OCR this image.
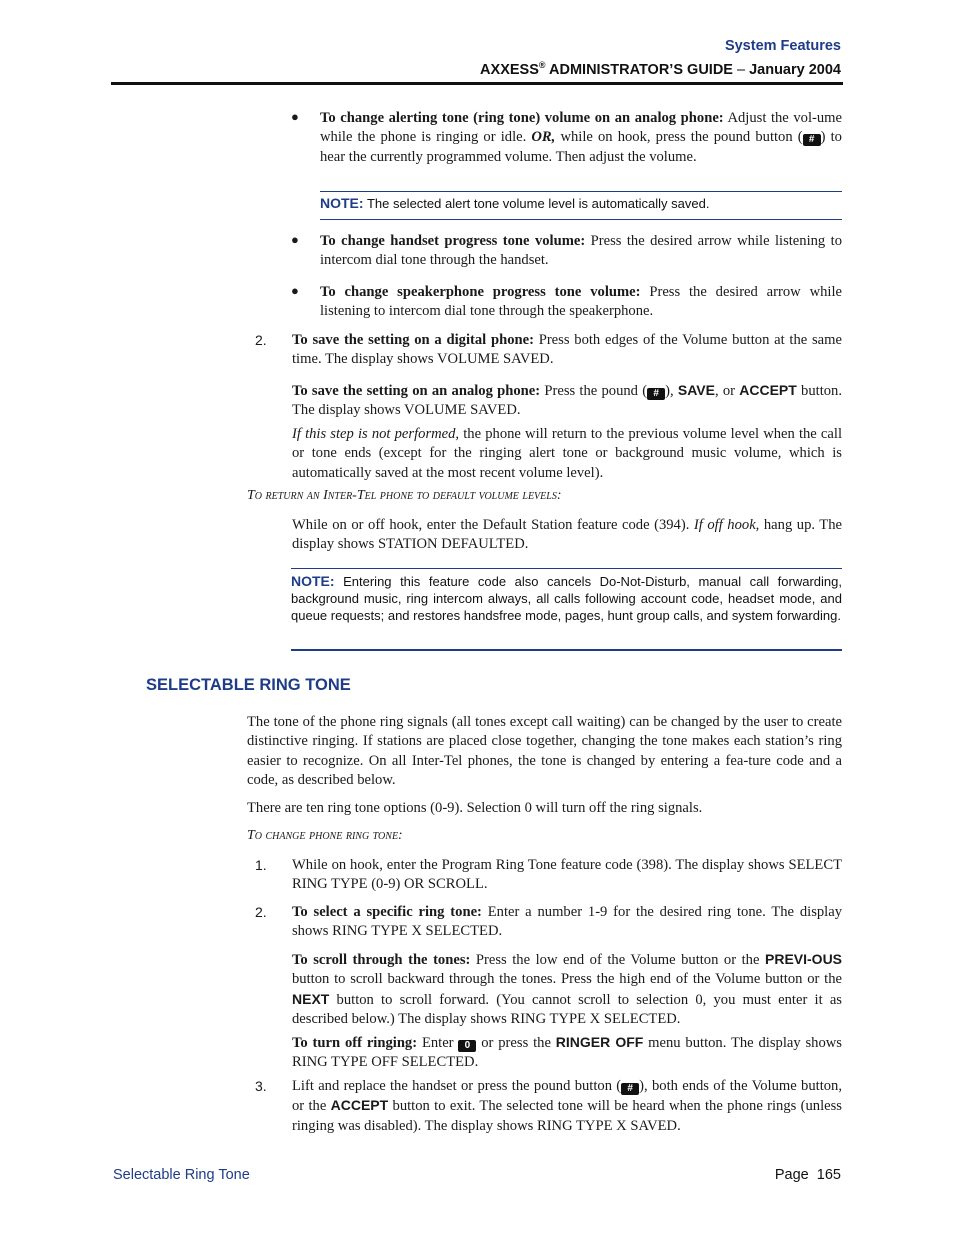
System Features
AXXESS® ADMINISTRATOR’S GUIDE – January 2004
● To change alerting tone (ring tone) volume on an analog phone: Adjust the vol-ume while the phone is ringing or idle. OR, while on hook, press the pound button ( # ) to hear the currently programmed volume. Then adjust the volume.

NOTE: The selected alert tone volume level is automatically saved.
● To change handset progress tone volume: Press the desired arrow while listening to intercom dial tone through the handset.

● To change speakerphone progress tone volume: Press the desired arrow while listening to intercom dial tone through the speakerphone.

2. To save the setting on a digital phone: Press both edges of the Volume button at the same time. The display shows VOLUME SAVED.

To save the setting on an analog phone: Press the pound ( # ), SAVE, or ACCEPT button. The display shows VOLUME SAVED.

If this step is not performed, the phone will return to the previous volume level when the call or tone ends (except for the ringing alert tone or background music volume, which is automatically saved at the most recent volume level).

To return an Inter-Tel phone to default volume levels:

While on or off hook, enter the Default Station feature code (394). If off hook, hang up. The display shows STATION DEFAULTED.

NOTE: Entering this feature code also cancels Do-Not-Disturb, manual call forwarding, background music, ring intercom always, all calls following account code, headset mode, and queue requests; and restores handsfree mode, pages, hunt group calls, and system forwarding.
SELECTABLE RING TONE

The tone of the phone ring signals (all tones except call waiting) can be changed by the user to create distinctive ringing. If stations are placed close together, changing the tone makes each station’s ring easier to recognize. On all Inter-Tel phones, the tone is changed by entering a fea-ture code and a code, as described below.

There are ten ring tone options (0-9). Selection 0 will turn off the ring signals.

To change phone ring tone:

1. While on hook, enter the Program Ring Tone feature code (398). The display shows SELECT RING TYPE (0-9) OR SCROLL.

2. To select a specific ring tone: Enter a number 1-9 for the desired ring tone. The display shows RING TYPE X SELECTED.

To scroll through the tones: Press the low end of the Volume button or the PREVI-OUS button to scroll backward through the tones. Press the high end of the Volume button or the NEXT button to scroll forward. (You cannot scroll to selection 0, you must enter it as described below.) The display shows RING TYPE X SELECTED.

To turn off ringing: Enter 0 or press the RINGER OFF menu button. The display shows RING TYPE OFF SELECTED.

3. Lift and replace the handset or press the pound button ( # ), both ends of the Volume button, or the ACCEPT button to exit. The selected tone will be heard when the phone rings (unless ringing was disabled). The display shows RING TYPE X SAVED.

Selectable Ring Tone	Page 165
